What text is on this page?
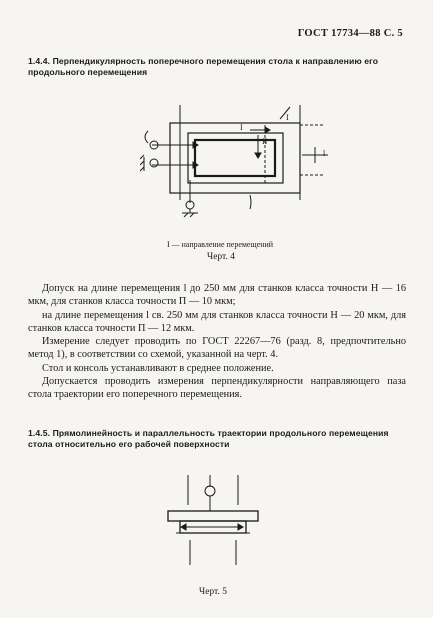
ГОСТ 17734—88 С. 5
1.4.4. Перпендикулярность поперечного перемещения стола к направлению его продольного перемещения
I
I
II
l
I — направление перемещений
Черт. 4

Допуск на длине перемещения l до 250 мм для станков класса точности Н — 16 мкм, для станков класса точности П — 10 мкм;

на длине перемещения l св. 250 мм для станков класса точности Н — 20 мкм, для станков класса точности П — 12 мкм.

Измерение следует проводить по ГОСТ 22267—76 (разд. 8, предпочтительно метод 1), в соответствии со схемой, указанной на черт. 4.

Стол и консоль устанавливают в среднее положение.

Допускается проводить измерения перпендикулярности направляющего паза стола траектории его поперечного перемещения.

1.4.5. Прямолинейность и параллельность траектории продольного перемещения стола относительно его рабочей поверхности
Черт. 5
